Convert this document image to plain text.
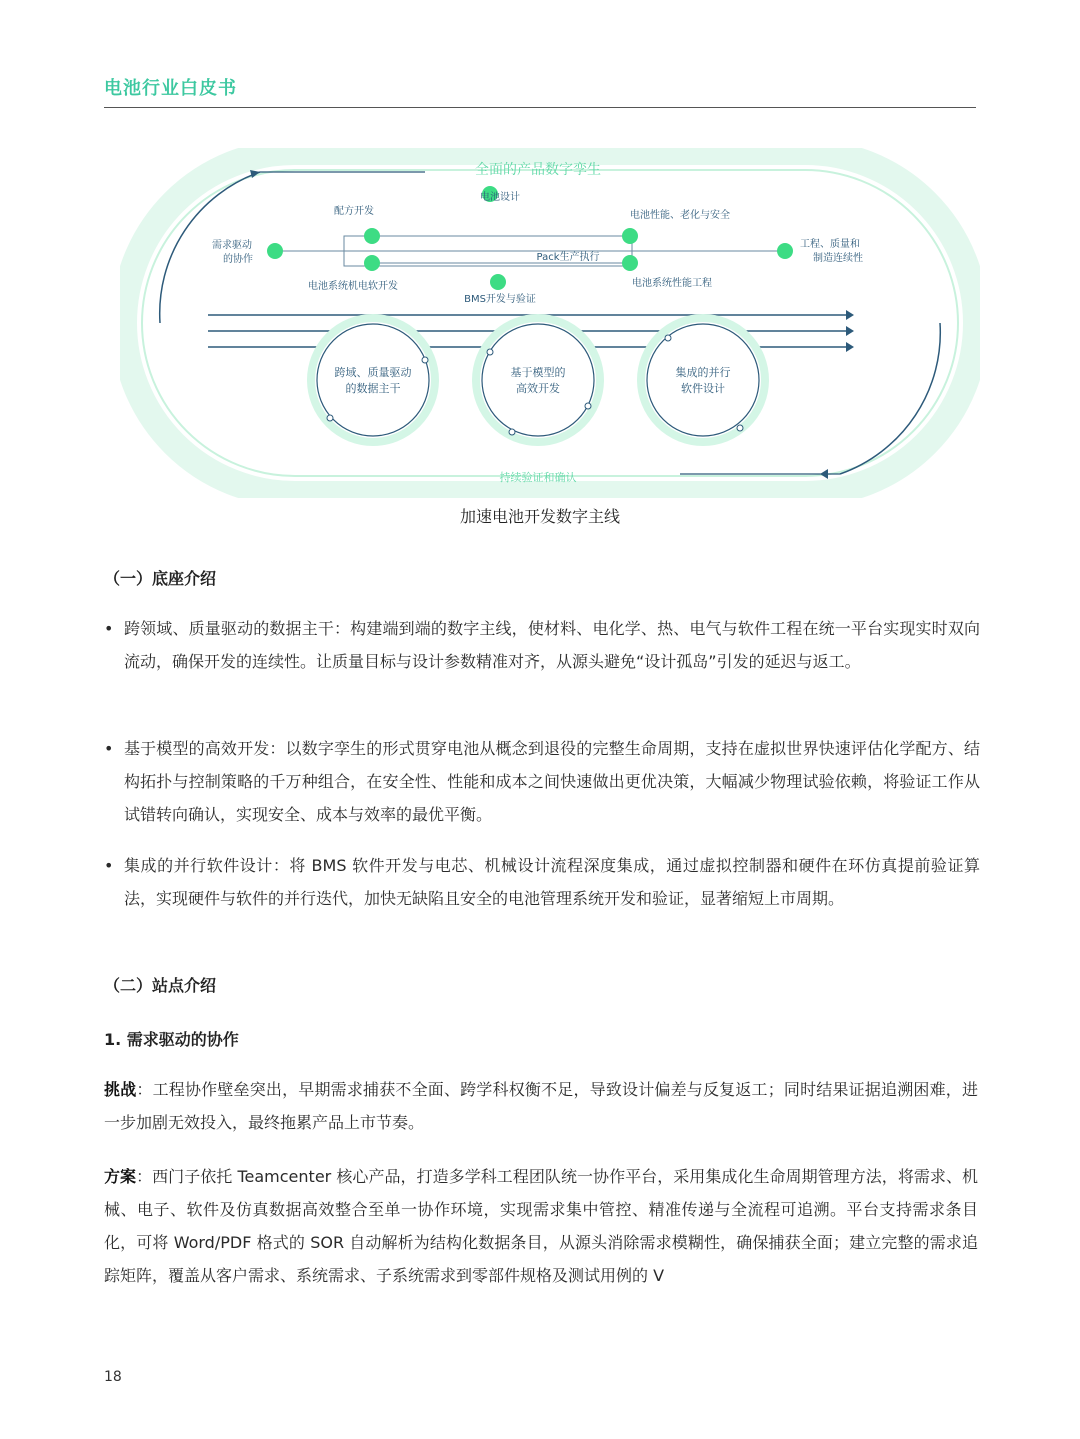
电池行业白皮书
全面的产品数字孪生
持续验证和确认
需求驱动
的协作
配方开发
电池设计
电池性能、老化与安全
Pack生产执行
电池系统机电软开发
BMS开发与验证
电池系统性能工程
工程、质量和
制造连续性
跨域、质量驱动
的数据主干
基于模型的
高效开发
集成的并行
软件设计
加速电池开发数字主线
（一）底座介绍
• 跨领域、质量驱动的数据主干：构建端到端的数字主线，使材料、电化学、热、电气与软件工程在统一平台实现实时双向流动，确保开发的连续性。让质量目标与设计参数精准对齐，从源头避免“设计孤岛”引发的延迟与返工。
• 基于模型的高效开发：以数字孪生的形式贯穿电池从概念到退役的完整生命周期，支持在虚拟世界快速评估化学配方、结构拓扑与控制策略的千万种组合，在安全性、性能和成本之间快速做出更优决策，大幅减少物理试验依赖，将验证工作从试错转向确认，实现安全、成本与效率的最优平衡。
• 集成的并行软件设计：将 BMS 软件开发与电芯、机械设计流程深度集成，通过虚拟控制器和硬件在环仿真提前验证算法，实现硬件与软件的并行迭代，加快无缺陷且安全的电池管理系统开发和验证，显著缩短上市周期。
（二）站点介绍
1. 需求驱动的协作
挑战：工程协作壁垒突出，早期需求捕获不全面、跨学科权衡不足，导致设计偏差与反复返工；同时结果证据追溯困难，进一步加剧无效投入，最终拖累产品上市节奏。
方案：西门子依托 Teamcenter 核心产品，打造多学科工程团队统一协作平台，采用集成化生命周期管理方法，将需求、机械、电子、软件及仿真数据高效整合至单一协作环境，实现需求集中管控、精准传递与全流程可追溯。平台支持需求条目化，可将 Word/PDF 格式的 SOR 自动解析为结构化数据条目，从源头消除需求模糊性，确保捕获全面；建立完整的需求追踪矩阵，覆盖从客户需求、系统需求、子系统需求到零部件规格及测试用例的 V
18
